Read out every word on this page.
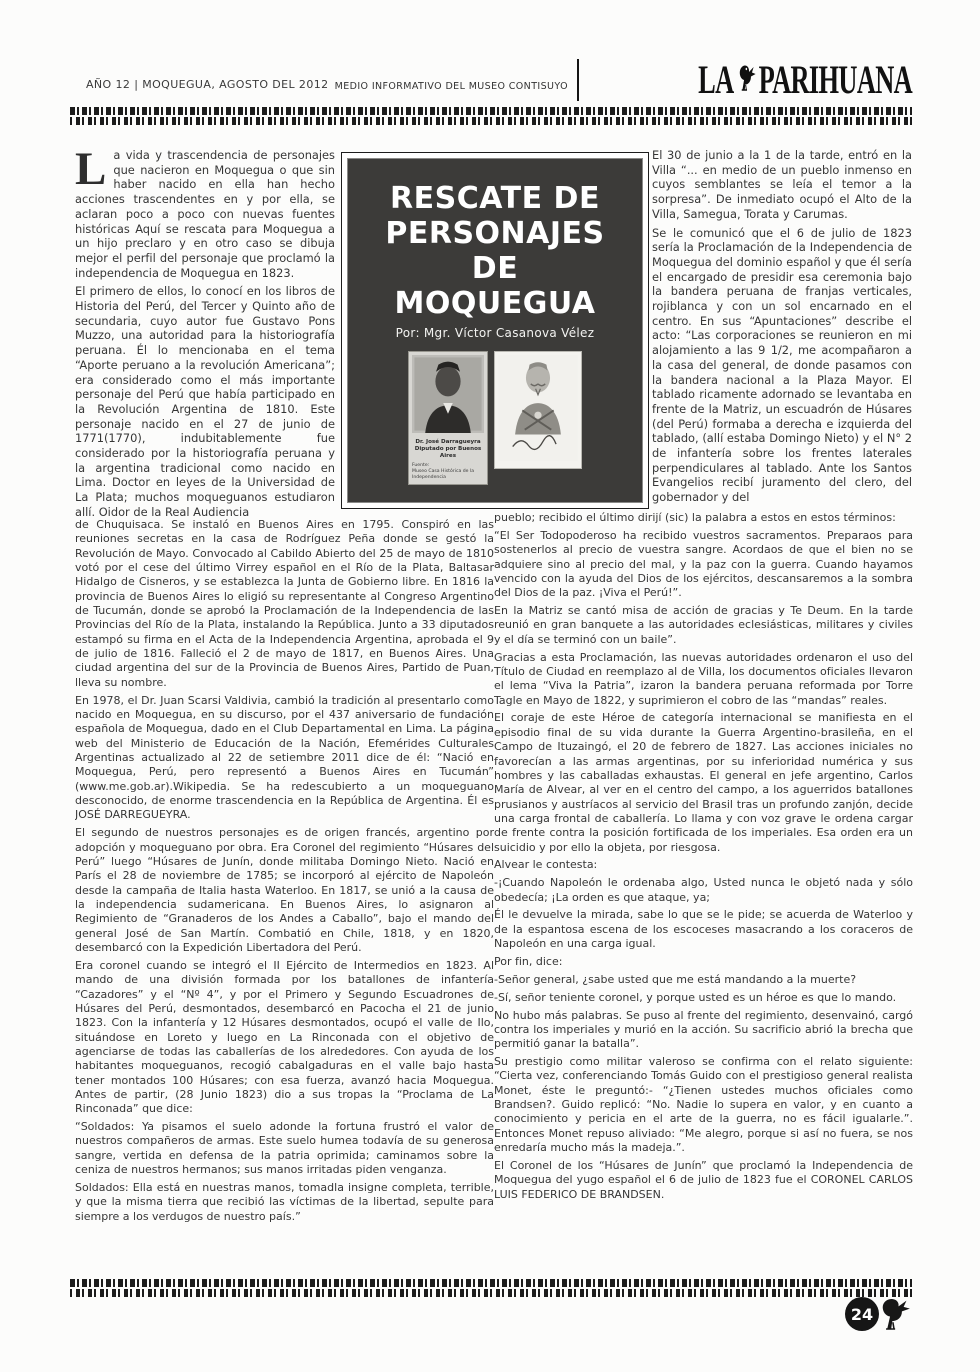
AÑO 12 | MOQUEGUA, AGOSTO DEL 2012 MEDIO INFORMATIVO DEL MUSEO CONTISUYO	LA PARIHUANA
RESCATE DE
PERSONAJES
DE
MOQUEGUA
Por: Mgr. Víctor Casanova Vélez
Dr. José Darragueyra
Diputado por Buenos Aires
Fuente:
Museo Casa Histórica de la Independencia

La vida y trascendencia de personajes que nacieron en Moquegua o que sin haber nacido en ella han hecho acciones trascendentes en y por ella, se aclaran poco a poco con nuevas fuentes históricas Aquí se rescata para Moquegua a un hijo preclaro y en otro caso se dibuja mejor el perfil del personaje que proclamó la independencia de Moquegua en 1823.

El primero de ellos, lo conocí en los libros de Historia del Perú, del Tercer y Quinto año de secundaria, cuyo autor fue Gustavo Pons Muzzo, una autoridad para la historiografía peruana. Él lo mencionaba en el tema “Aporte peruano a la revolución Americana”; era considerado como el más importante personaje del Perú que había participado en la Revolución Argentina de 1810. Este personaje nacido en el 27 de junio de 1771(1770), indubitablemente fue considerado por la historiografía peruana y la argentina tradicional como nacido en Lima. Doctor en leyes de la Universidad de La Plata; muchos moqueguanos estudiaron allí. Oidor de la Real Audiencia

El 30 de junio a la 1 de la tarde, entró en la Villa “... en medio de un pueblo inmenso en cuyos semblantes se leía el temor a la sorpresa”. De inmediato ocupó el Alto de la Villa, Samegua, Torata y Carumas.

Se le comunicó que el 6 de julio de 1823 sería la Proclamación de la Independencia de Moquegua del dominio español y que él sería el encargado de presidir esa ceremonia bajo la bandera peruana de franjas verticales, rojiblanca y con un sol encarnado en el centro. En sus “Apuntaciones” describe el acto: “Las corporaciones se reunieron en mi alojamiento a las 9 1/2, me acompañaron a la casa del general, de donde pasamos con la bandera nacional a la Plaza Mayor. El tablado ricamente adornado se levantaba en frente de la Matriz, un escuadrón de Húsares (del Perú) formaba a derecha e izquierda del tablado, (allí estaba Domingo Nieto) y el N° 2 de infantería sobre los frentes laterales perpendiculares al tablado. Ante los Santos Evangelios recibí juramento del clero, del gobernador y del

de Chuquisaca. Se instaló en Buenos Aires en 1795. Conspiró en las reuniones secretas en la casa de Rodríguez Peña donde se gestó la Revolución de Mayo. Convocado al Cabildo Abierto del 25 de mayo de 1810 votó por el cese del último Virrey español en el Río de la Plata, Baltasar Hidalgo de Cisneros, y se establezca la Junta de Gobierno libre. En 1816 la provincia de Buenos Aires lo eligió su representante al Congreso Argentino de Tucumán, donde se aprobó la Proclamación de la Independencia de las Provincias del Río de la Plata, instalando la República. Junto a 33 diputados estampó su firma en el Acta de la Independencia Argentina, aprobada el 9 de julio de 1816. Falleció el 2 de mayo de 1817, en Buenos Aires. Una ciudad argentina del sur de la Provincia de Buenos Aires, Partido de Puan, lleva su nombre.

En 1978, el Dr. Juan Scarsi Valdivia, cambió la tradición al presentarlo como nacido en Moquegua, en su discurso, por el 437 aniversario de fundación española de Moquegua, dado en el Club Departamental en Lima. La página web del Ministerio de Educación de la Nación, Efemérides Culturales Argentinas actualizado al 22 de setiembre 2011 dice de él: “Nació en Moquegua, Perú, pero representó a Buenos Aires en Tucumán” (www.me.gob.ar).Wikipedia. Se ha redescubierto a un moqueguano desconocido, de enorme trascendencia en la República de Argentina. Él es JOSÉ DARREGUEYRA.

El segundo de nuestros personajes es de origen francés, argentino por adopción y moqueguano por obra. Era Coronel del regimiento “Húsares del Perú” luego “Húsares de Junín, donde militaba Domingo Nieto. Nació en París el 28 de noviembre de 1785; se incorporó al ejército de Napoleón desde la campaña de Italia hasta Waterloo. En 1817, se unió a la causa de la independencia sudamericana. En Buenos Aires, lo asignaron al Regimiento de “Granaderos de los Andes a Caballo”, bajo el mando del general José de San Martín. Combatió en Chile, 1818, y en 1820, desembarcó con la Expedición Libertadora del Perú.

Era coronel cuando se integró el II Ejército de Intermedios en 1823. Al mando de una división formada por los batallones de infantería “Cazadores” y el “Nº 4”, y por el Primero y Segundo Escuadrones de Húsares del Perú, desmontados, desembarcó en Pacocha el 21 de junio 1823. Con la infantería y 12 Húsares desmontados, ocupó el valle de Ilo, situándose en Loreto y luego en La Rinconada con el objetivo de agenciarse de todas las caballerías de los alrededores. Con ayuda de los habitantes moqueguanos, recogió cabalgaduras en el valle bajo hasta tener montados 100 Húsares; con esa fuerza, avanzó hacia Moquegua. Antes de partir, (28 Junio 1823) dio a sus tropas la “Proclama de La Rinconada” que dice:

“Soldados: Ya pisamos el suelo adonde la fortuna frustró el valor de nuestros compañeros de armas. Este suelo humea todavía de su generosa sangre, vertida en defensa de la patria oprimida; caminamos sobre la ceniza de nuestros hermanos; sus manos irritadas piden venganza.

Soldados: Ella está en nuestras manos, tomadla insigne completa, terrible, y que la misma tierra que recibió las víctimas de la libertad, sepulte para siempre a los verdugos de nuestro país.”

pueblo; recibido el último dirijí (sic) la palabra a estos en estos términos:

“El Ser Todopoderoso ha recibido vuestros sacramentos. Preparaos para sostenerlos al precio de vuestra sangre. Acordaos de que el bien no se adquiere sino al precio del mal, y la paz con la guerra. Cuando hayamos vencido con la ayuda del Dios de los ejércitos, descansaremos a la sombra del Dios de la paz. ¡Viva el Perú!”.

En la Matriz se cantó misa de acción de gracias y Te Deum. En la tarde reunió en gran banquete a las autoridades eclesiásticas, militares y civiles y el día se terminó con un baile”.

Gracias a esta Proclamación, las nuevas autoridades ordenaron el uso del Título de Ciudad en reemplazo al de Villa, los documentos oficiales llevaron el lema “Viva la Patria”, izaron la bandera peruana reformada por Torre Tagle en Mayo de 1822, y suprimieron el cobro de las “mandas” reales.

El coraje de este Héroe de categoría internacional se manifiesta en el episodio final de su vida durante la Guerra Argentino-brasileña, en el Campo de Ituzaingó, el 20 de febrero de 1827. Las acciones iniciales no favorecían a las armas argentinas, por su inferioridad numérica y sus hombres y las caballadas exhaustas. El general en jefe argentino, Carlos María de Alvear, al ver en el centro del campo, a los aguerridos batallones prusianos y austríacos al servicio del Brasil tras un profundo zanjón, decide una carga frontal de caballería. Lo llama y con voz grave le ordena cargar de frente contra la posición fortificada de los imperiales. Esa orden era un suicidio y por ello la objeta, por riesgosa.

Alvear le contesta:

-¡Cuando Napoleón le ordenaba algo, Usted nunca le objetó nada y sólo obedecía; ¡La orden es que ataque, ya;

Él le devuelve la mirada, sabe lo que se le pide; se acuerda de Waterloo y de la espantosa escena de los escoceses masacrando a los coraceros de Napoleón en una carga igual.

Por fin, dice:

-Señor general, ¿sabe usted que me está mandando a la muerte?

-Sí, señor teniente coronel, y porque usted es un héroe es que lo mando.

No hubo más palabras. Se puso al frente del regimiento, desenvainó, cargó contra los imperiales y murió en la acción. Su sacrificio abrió la brecha que permitió ganar la batalla”.

Su prestigio como militar valeroso se confirma con el relato siguiente: “Cierta vez, conferenciando Tomás Guido con el prestigioso general realista Monet, éste le preguntó:- “¿Tienen ustedes muchos oficiales como Brandsen?. Guido replicó: “No. Nadie lo supera en valor, y en cuanto a conocimiento y pericia en el arte de la guerra, no es fácil igualarle.”. Entonces Monet repuso aliviado: “Me alegro, porque si así no fuera, se nos enredaría mucho más la madeja.”.

El Coronel de los “Húsares de Junín” que proclamó la Independencia de Moquegua del yugo español el 6 de julio de 1823 fue el CORONEL CARLOS LUIS FEDERICO DE BRANDSEN.

24
